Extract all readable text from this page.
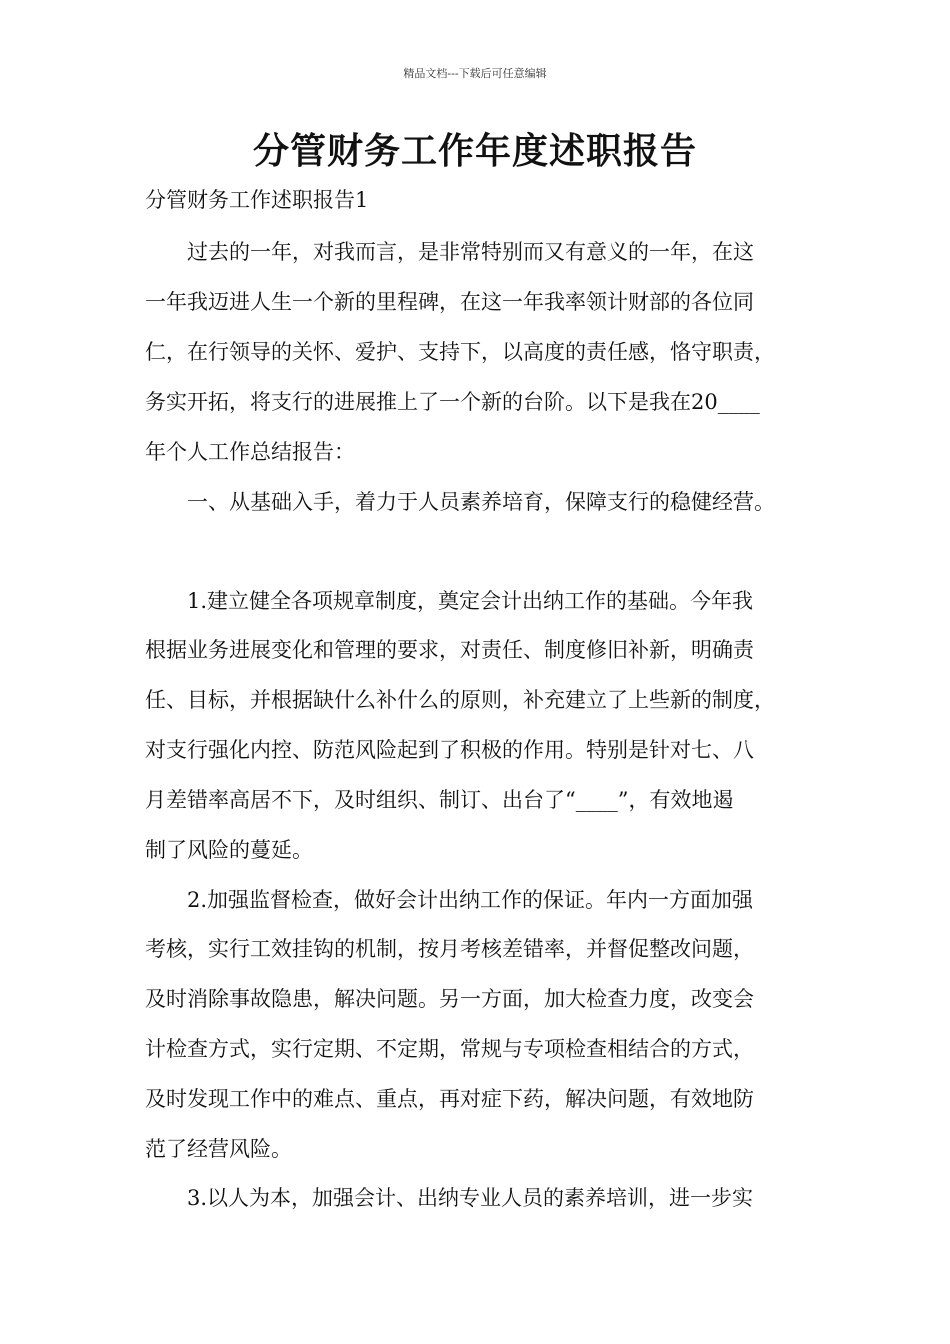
精品文档---下载后可任意编辑
分管财务工作年度述职报告
分管财务工作述职报告1
　　过去的一年，对我而言，是非常特别而又有意义的一年，在这
一年我迈进人生一个新的里程碑，在这一年我率领计财部的各位同
仁，在行领导的关怀、爱护、支持下，以高度的责任感，恪守职责，
务实开拓，将支行的进展推上了一个新的台阶。以下是我在20____
年个人工作总结报告：
　　一、从基础入手，着力于人员素养培育，保障支行的稳健经营。
　　1.建立健全各项规章制度，奠定会计出纳工作的基础。今年我
根据业务进展变化和管理的要求，对责任、制度修旧补新，明确责
任、目标，并根据缺什么补什么的原则，补充建立了上些新的制度，
对支行强化内控、防范风险起到了积极的作用。特别是针对七、八
月差错率高居不下，及时组织、制订、出台了“____”，有效地遏
制了风险的蔓延。
　　2.加强监督检查，做好会计出纳工作的保证。年内一方面加强
考核，实行工效挂钩的机制，按月考核差错率，并督促整改问题，
及时消除事故隐患，解决问题。另一方面，加大检查力度，改变会
计检查方式，实行定期、不定期，常规与专项检查相结合的方式，
及时发现工作中的难点、重点，再对症下药，解决问题，有效地防
范了经营风险。
　　3.以人为本，加强会计、出纳专业人员的素养培训，进一步实
